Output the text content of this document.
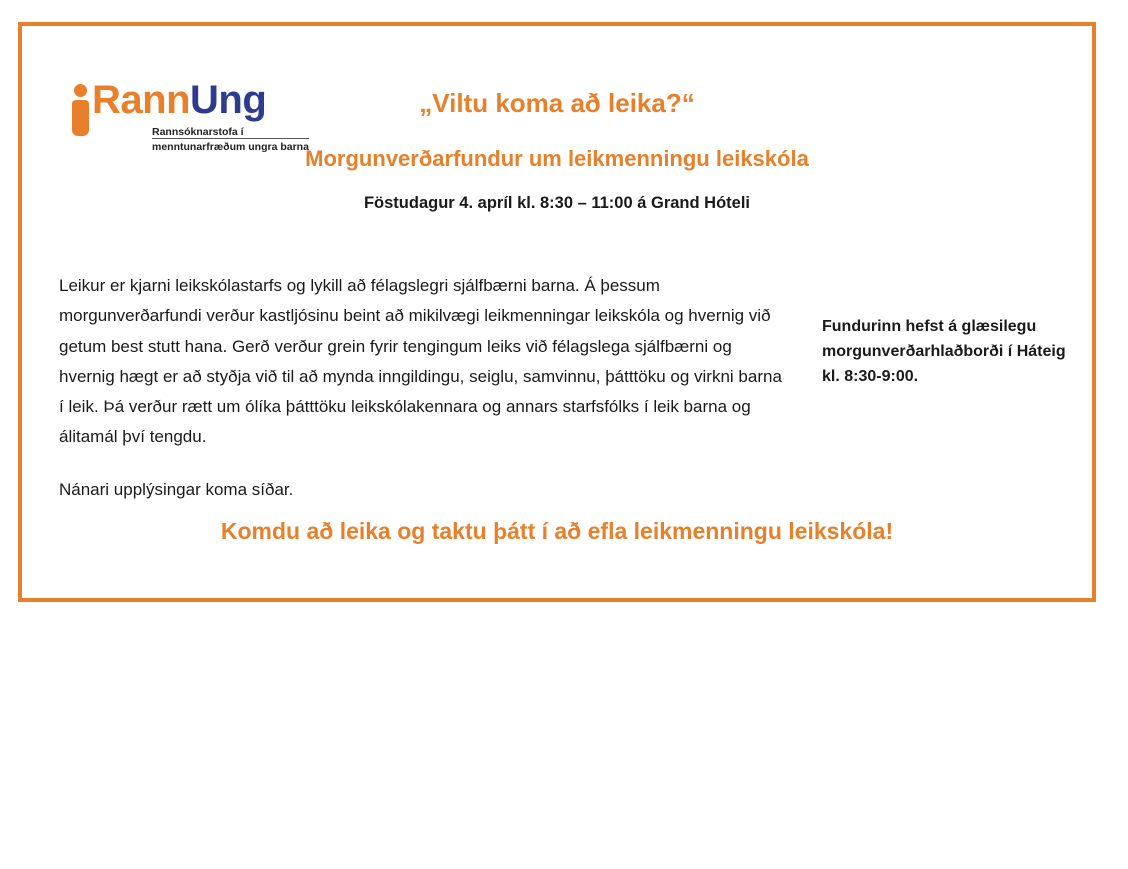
RannUng
Rannsóknarstofa í
menntunarfræðum ungra barna
„Viltu koma að leika?“
Morgunverðarfundur um leikmenningu leikskóla
Föstudagur 4. apríl kl. 8:30 – 11:00 á Grand Hóteli

Leikur er kjarni leikskólastarfs og lykill að félagslegri sjálfbærni barna. Á þessum morgunverðarfundi verður kastljósinu beint að mikilvægi leikmenningar leikskóla og hvernig við getum best stutt hana. Gerð verður grein fyrir tengingum leiks við félagslega sjálfbærni og hvernig hægt er að styðja við til að mynda inngildingu, seiglu, samvinnu, þátttöku og virkni barna í leik. Þá verður rætt um ólíka þátttöku leikskólakennara og annars starfsfólks í leik barna og álitamál því tengdu.

Nánari upplýsingar koma síðar.

Fundurinn hefst á glæsilegu morgunverðarhlaðborði í Háteig kl. 8:30-9:00.
Komdu að leika og taktu þátt í að efla leikmenningu leikskóla!
